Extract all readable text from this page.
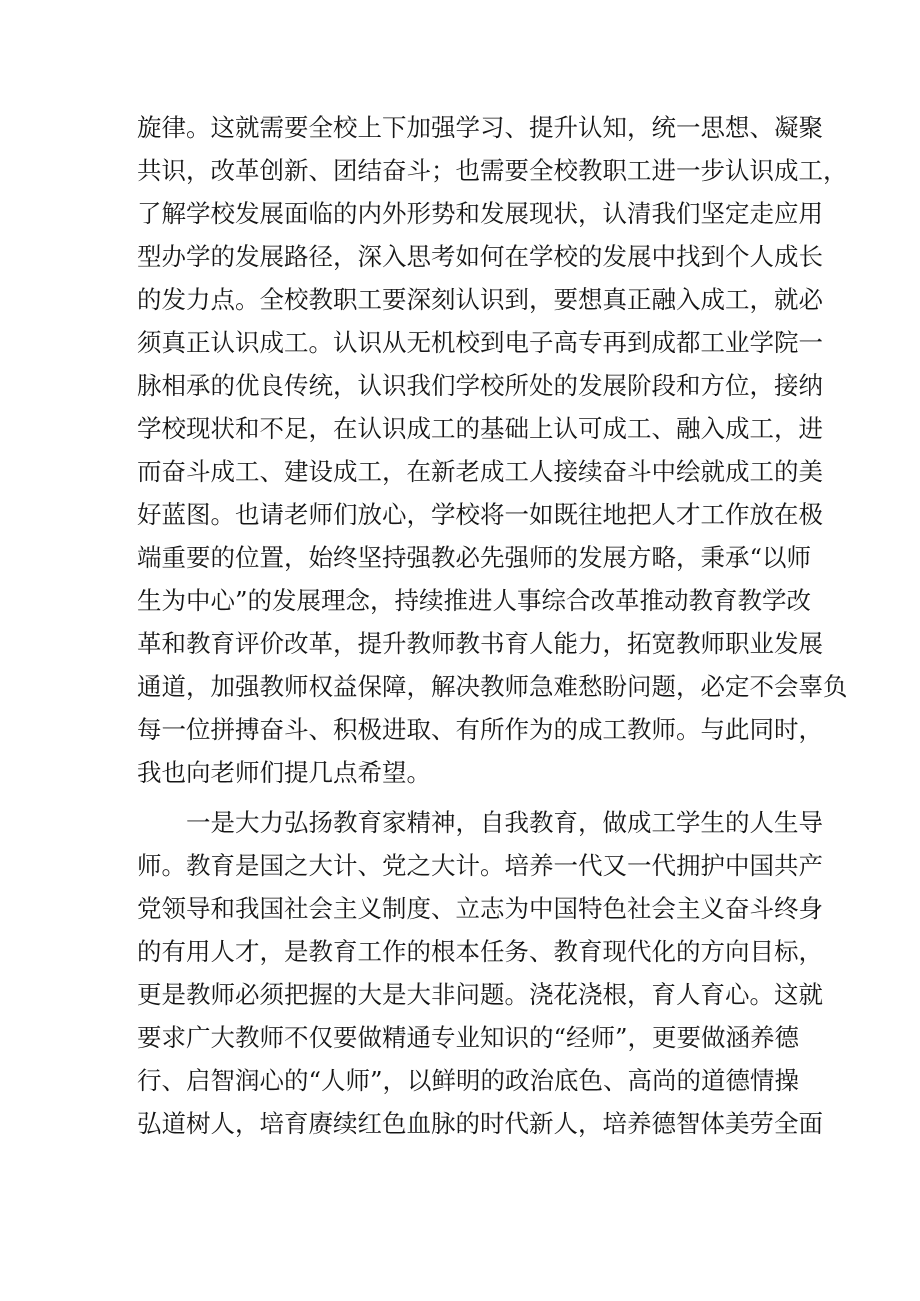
旋律。这就需要全校上下加强学习、提升认知，统一思想、凝聚
共识，改革创新、团结奋斗；也需要全校教职工进一步认识成工，
了解学校发展面临的内外形势和发展现状，认清我们坚定走应用
型办学的发展路径，深入思考如何在学校的发展中找到个人成长
的发力点。全校教职工要深刻认识到，要想真正融入成工，就必
须真正认识成工。认识从无机校到电子高专再到成都工业学院一
脉相承的优良传统，认识我们学校所处的发展阶段和方位，接纳
学校现状和不足，在认识成工的基础上认可成工、融入成工，进
而奋斗成工、建设成工，在新老成工人接续奋斗中绘就成工的美
好蓝图。也请老师们放心，学校将一如既往地把人才工作放在极
端重要的位置，始终坚持强教必先强师的发展方略，秉承“以师
生为中心”的发展理念，持续推进人事综合改革推动教育教学改
革和教育评价改革，提升教师教书育人能力，拓宽教师职业发展
通道，加强教师权益保障，解决教师急难愁盼问题，必定不会辜负
每一位拼搏奋斗、积极进取、有所作为的成工教师。与此同时，
我也向老师们提几点希望。
一是大力弘扬教育家精神，自我教育，做成工学生的人生导
师。教育是国之大计、党之大计。培养一代又一代拥护中国共产
党领导和我国社会主义制度、立志为中国特色社会主义奋斗终身
的有用人才，是教育工作的根本任务、教育现代化的方向目标，
更是教师必须把握的大是大非问题。浇花浇根，育人育心。这就
要求广大教师不仅要做精通专业知识的“经师”，更要做涵养德
行、启智润心的“人师”，以鲜明的政治底色、高尚的道德情操
弘道树人，培育赓续红色血脉的时代新人，培养德智体美劳全面
